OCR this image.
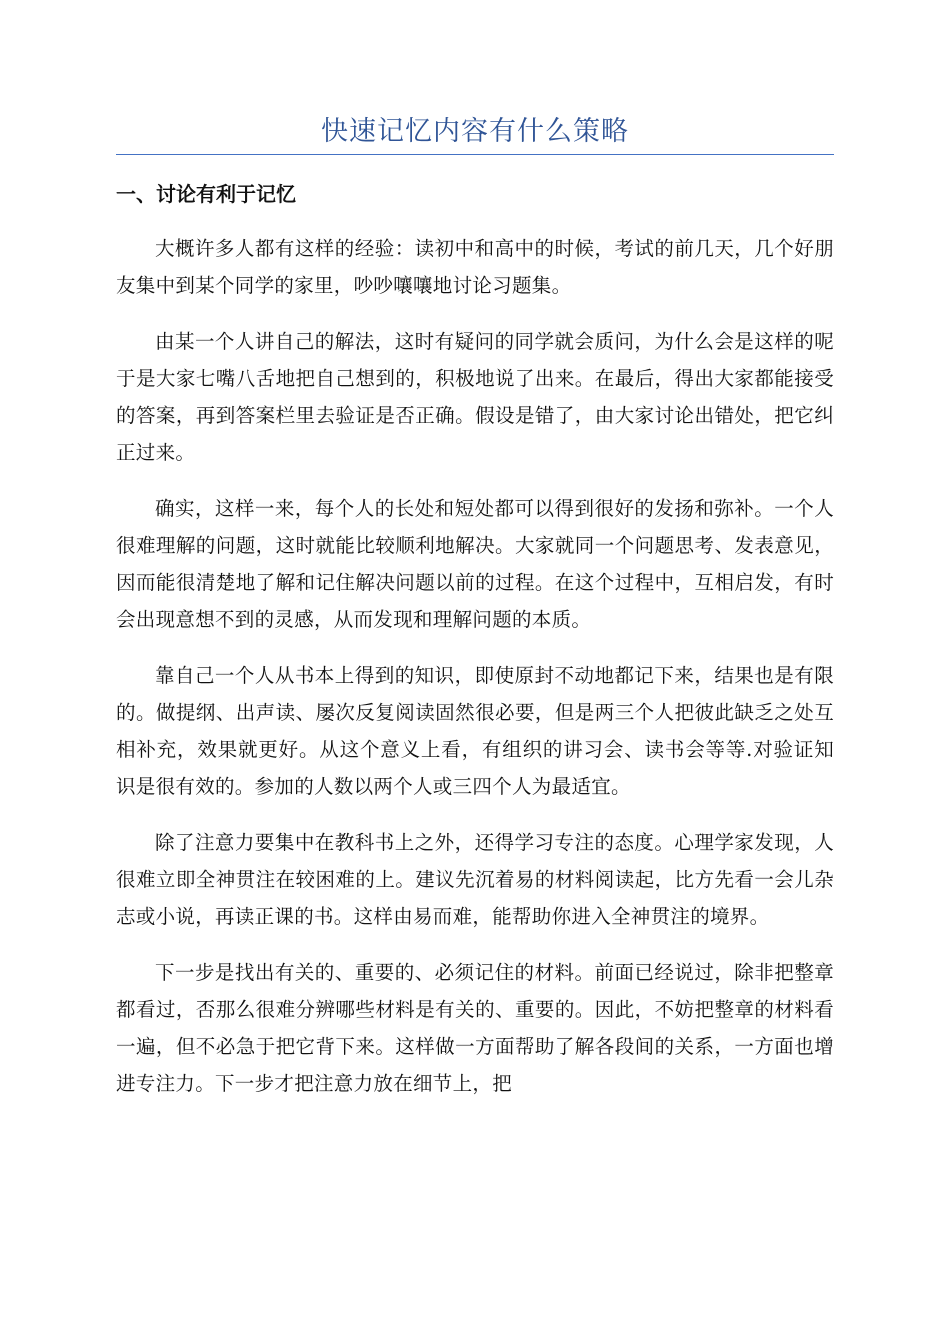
快速记忆内容有什么策略
一、讨论有利于记忆

大概许多人都有这样的经验：读初中和高中的时候，考试的前几天，几个好朋友集中到某个同学的家里，吵吵嚷嚷地讨论习题集。

由某一个人讲自己的解法，这时有疑问的同学就会质问，为什么会是这样的呢于是大家七嘴八舌地把自己想到的，积极地说了出来。在最后，得出大家都能接受的答案，再到答案栏里去验证是否正确。假设是错了，由大家讨论出错处，把它纠正过来。

确实，这样一来，每个人的长处和短处都可以得到很好的发扬和弥补。一个人很难理解的问题，这时就能比较顺利地解决。大家就同一个问题思考、发表意见，因而能很清楚地了解和记住解决问题以前的过程。在这个过程中，互相启发，有时会出现意想不到的灵感，从而发现和理解问题的本质。

靠自己一个人从书本上得到的知识，即使原封不动地都记下来，结果也是有限的。做提纲、出声读、屡次反复阅读固然很必要，但是两三个人把彼此缺乏之处互相补充，效果就更好。从这个意义上看，有组织的讲习会、读书会等等.对验证知识是很有效的。参加的人数以两个人或三四个人为最适宜。

除了注意力要集中在教科书上之外，还得学习专注的态度。心理学家发现，人很难立即全神贯注在较困难的上。建议先沉着易的材料阅读起，比方先看一会儿杂志或小说，再读正课的书。这样由易而难，能帮助你进入全神贯注的境界。

下一步是找出有关的、重要的、必须记住的材料。前面已经说过，除非把整章都看过，否那么很难分辨哪些材料是有关的、重要的。因此，不妨把整章的材料看一遍，但不必急于把它背下来。这样做一方面帮助了解各段间的关系，一方面也增进专注力。下一步才把注意力放在细节上，把
